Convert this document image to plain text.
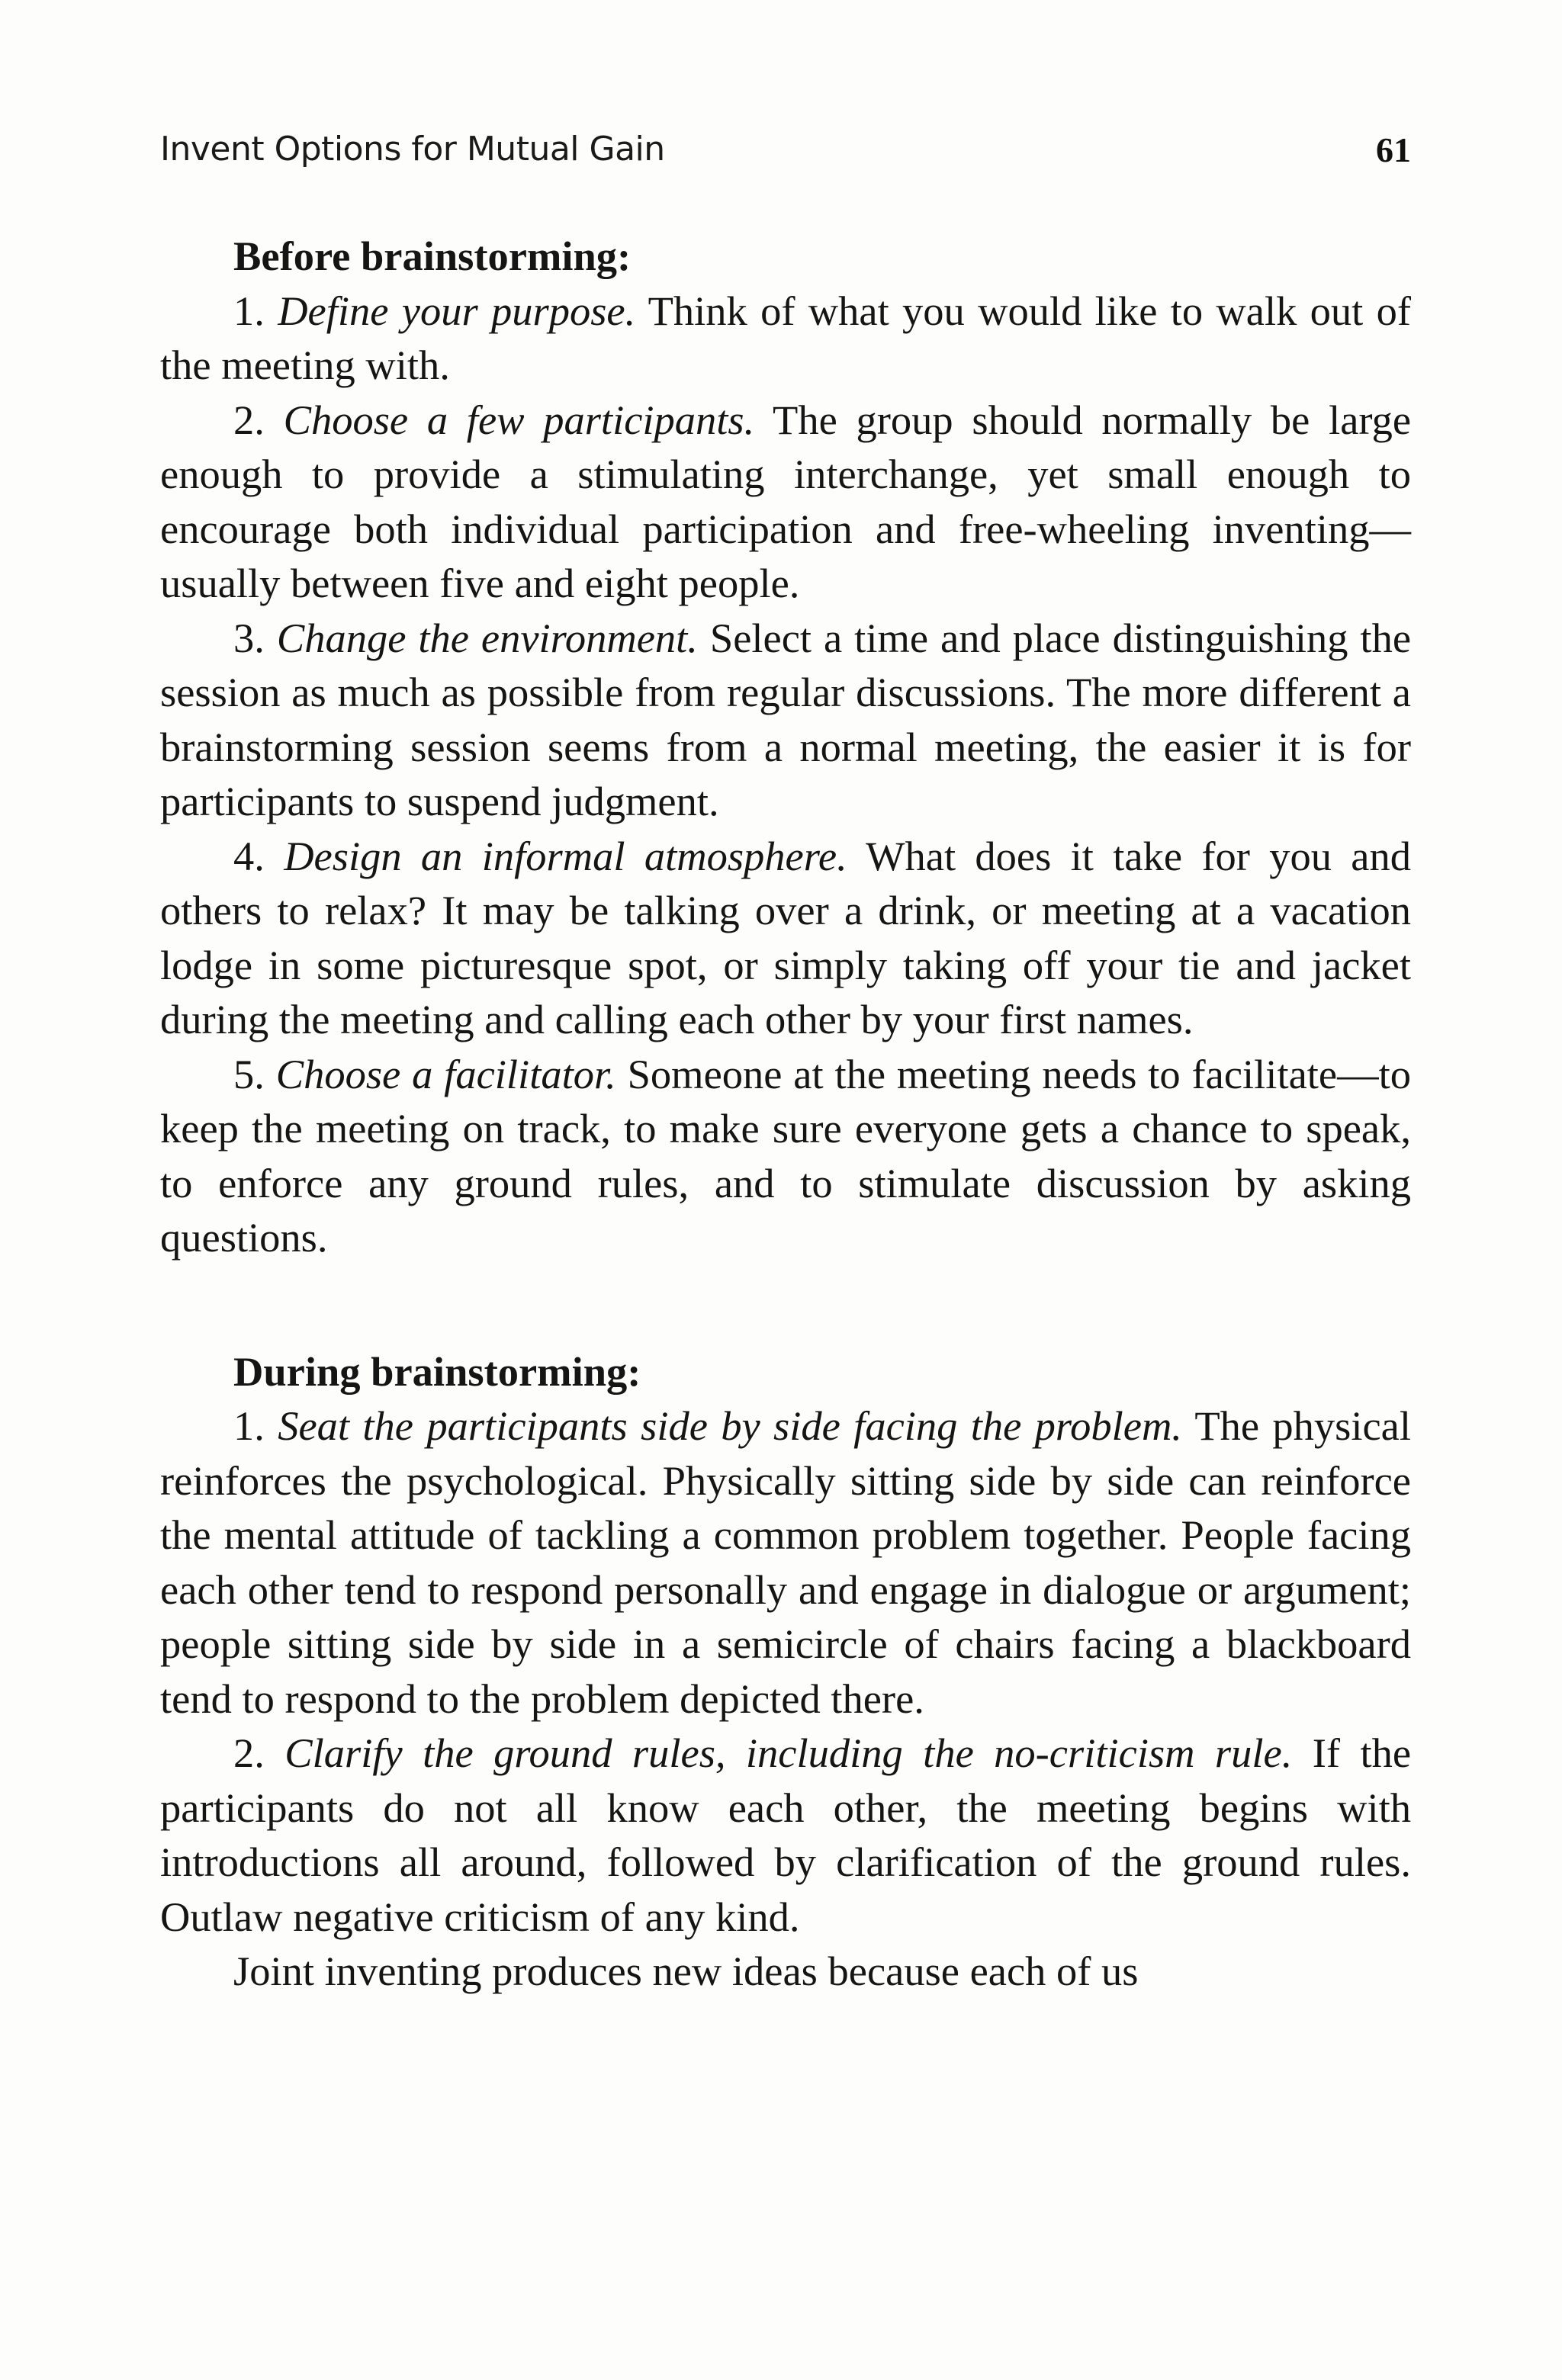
Invent Options for Mutual Gain	61
Before brainstorming:

1. Define your purpose. Think of what you would like to walk out of the meeting with.

2. Choose a few participants. The group should normally be large enough to provide a stimulating interchange, yet small enough to encourage both individual participation and free-wheeling inventing—usually between five and eight people.

3. Change the environment. Select a time and place distinguishing the session as much as possible from regular discussions. The more different a brainstorming session seems from a normal meeting, the easier it is for participants to suspend judgment.

4. Design an informal atmosphere. What does it take for you and others to relax? It may be talking over a drink, or meeting at a vacation lodge in some picturesque spot, or simply taking off your tie and jacket during the meeting and calling each other by your first names.

5. Choose a facilitator. Someone at the meeting needs to facilitate—to keep the meeting on track, to make sure everyone gets a chance to speak, to enforce any ground rules, and to stimulate discussion by asking questions.

During brainstorming:

1. Seat the participants side by side facing the problem. The physical reinforces the psychological. Physically sitting side by side can reinforce the mental attitude of tackling a common problem together. People facing each other tend to respond personally and engage in dialogue or argument; people sitting side by side in a semicircle of chairs facing a blackboard tend to respond to the problem depicted there.

2. Clarify the ground rules, including the no-criticism rule. If the participants do not all know each other, the meeting begins with introductions all around, followed by clarification of the ground rules. Outlaw negative criticism of any kind.

Joint inventing produces new ideas because each of us
